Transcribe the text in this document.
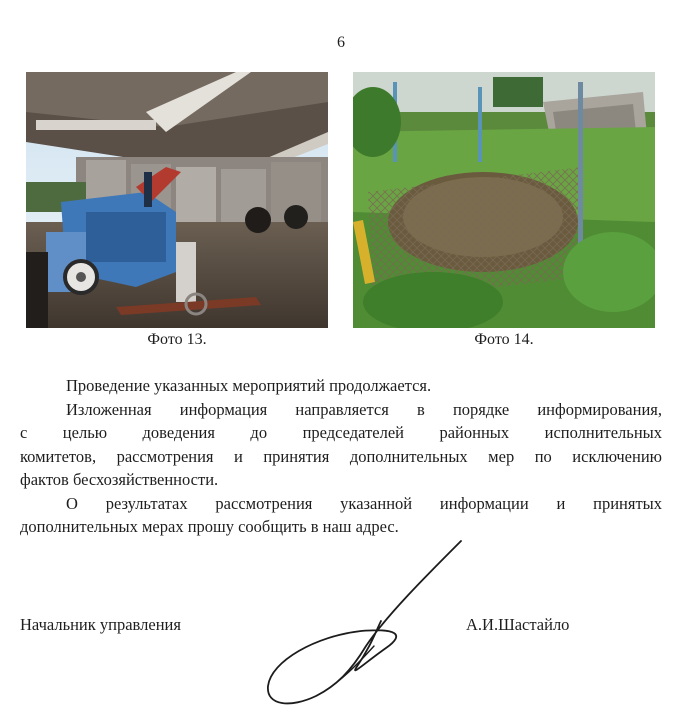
6
Фото 13.	Фото 14.
Проведение указанных мероприятий продолжается.
Изложенная информация направляется в порядке информирования,
с целью доведения до председателей районных исполнительных
комитетов, рассмотрения и принятия дополнительных мер по исключению
фактов бесхозяйственности.
О результатах рассмотрения указанной информации и принятых
дополнительных мерах прошу сообщить в наш адрес.
Начальник управления	А.И.Шастайло
